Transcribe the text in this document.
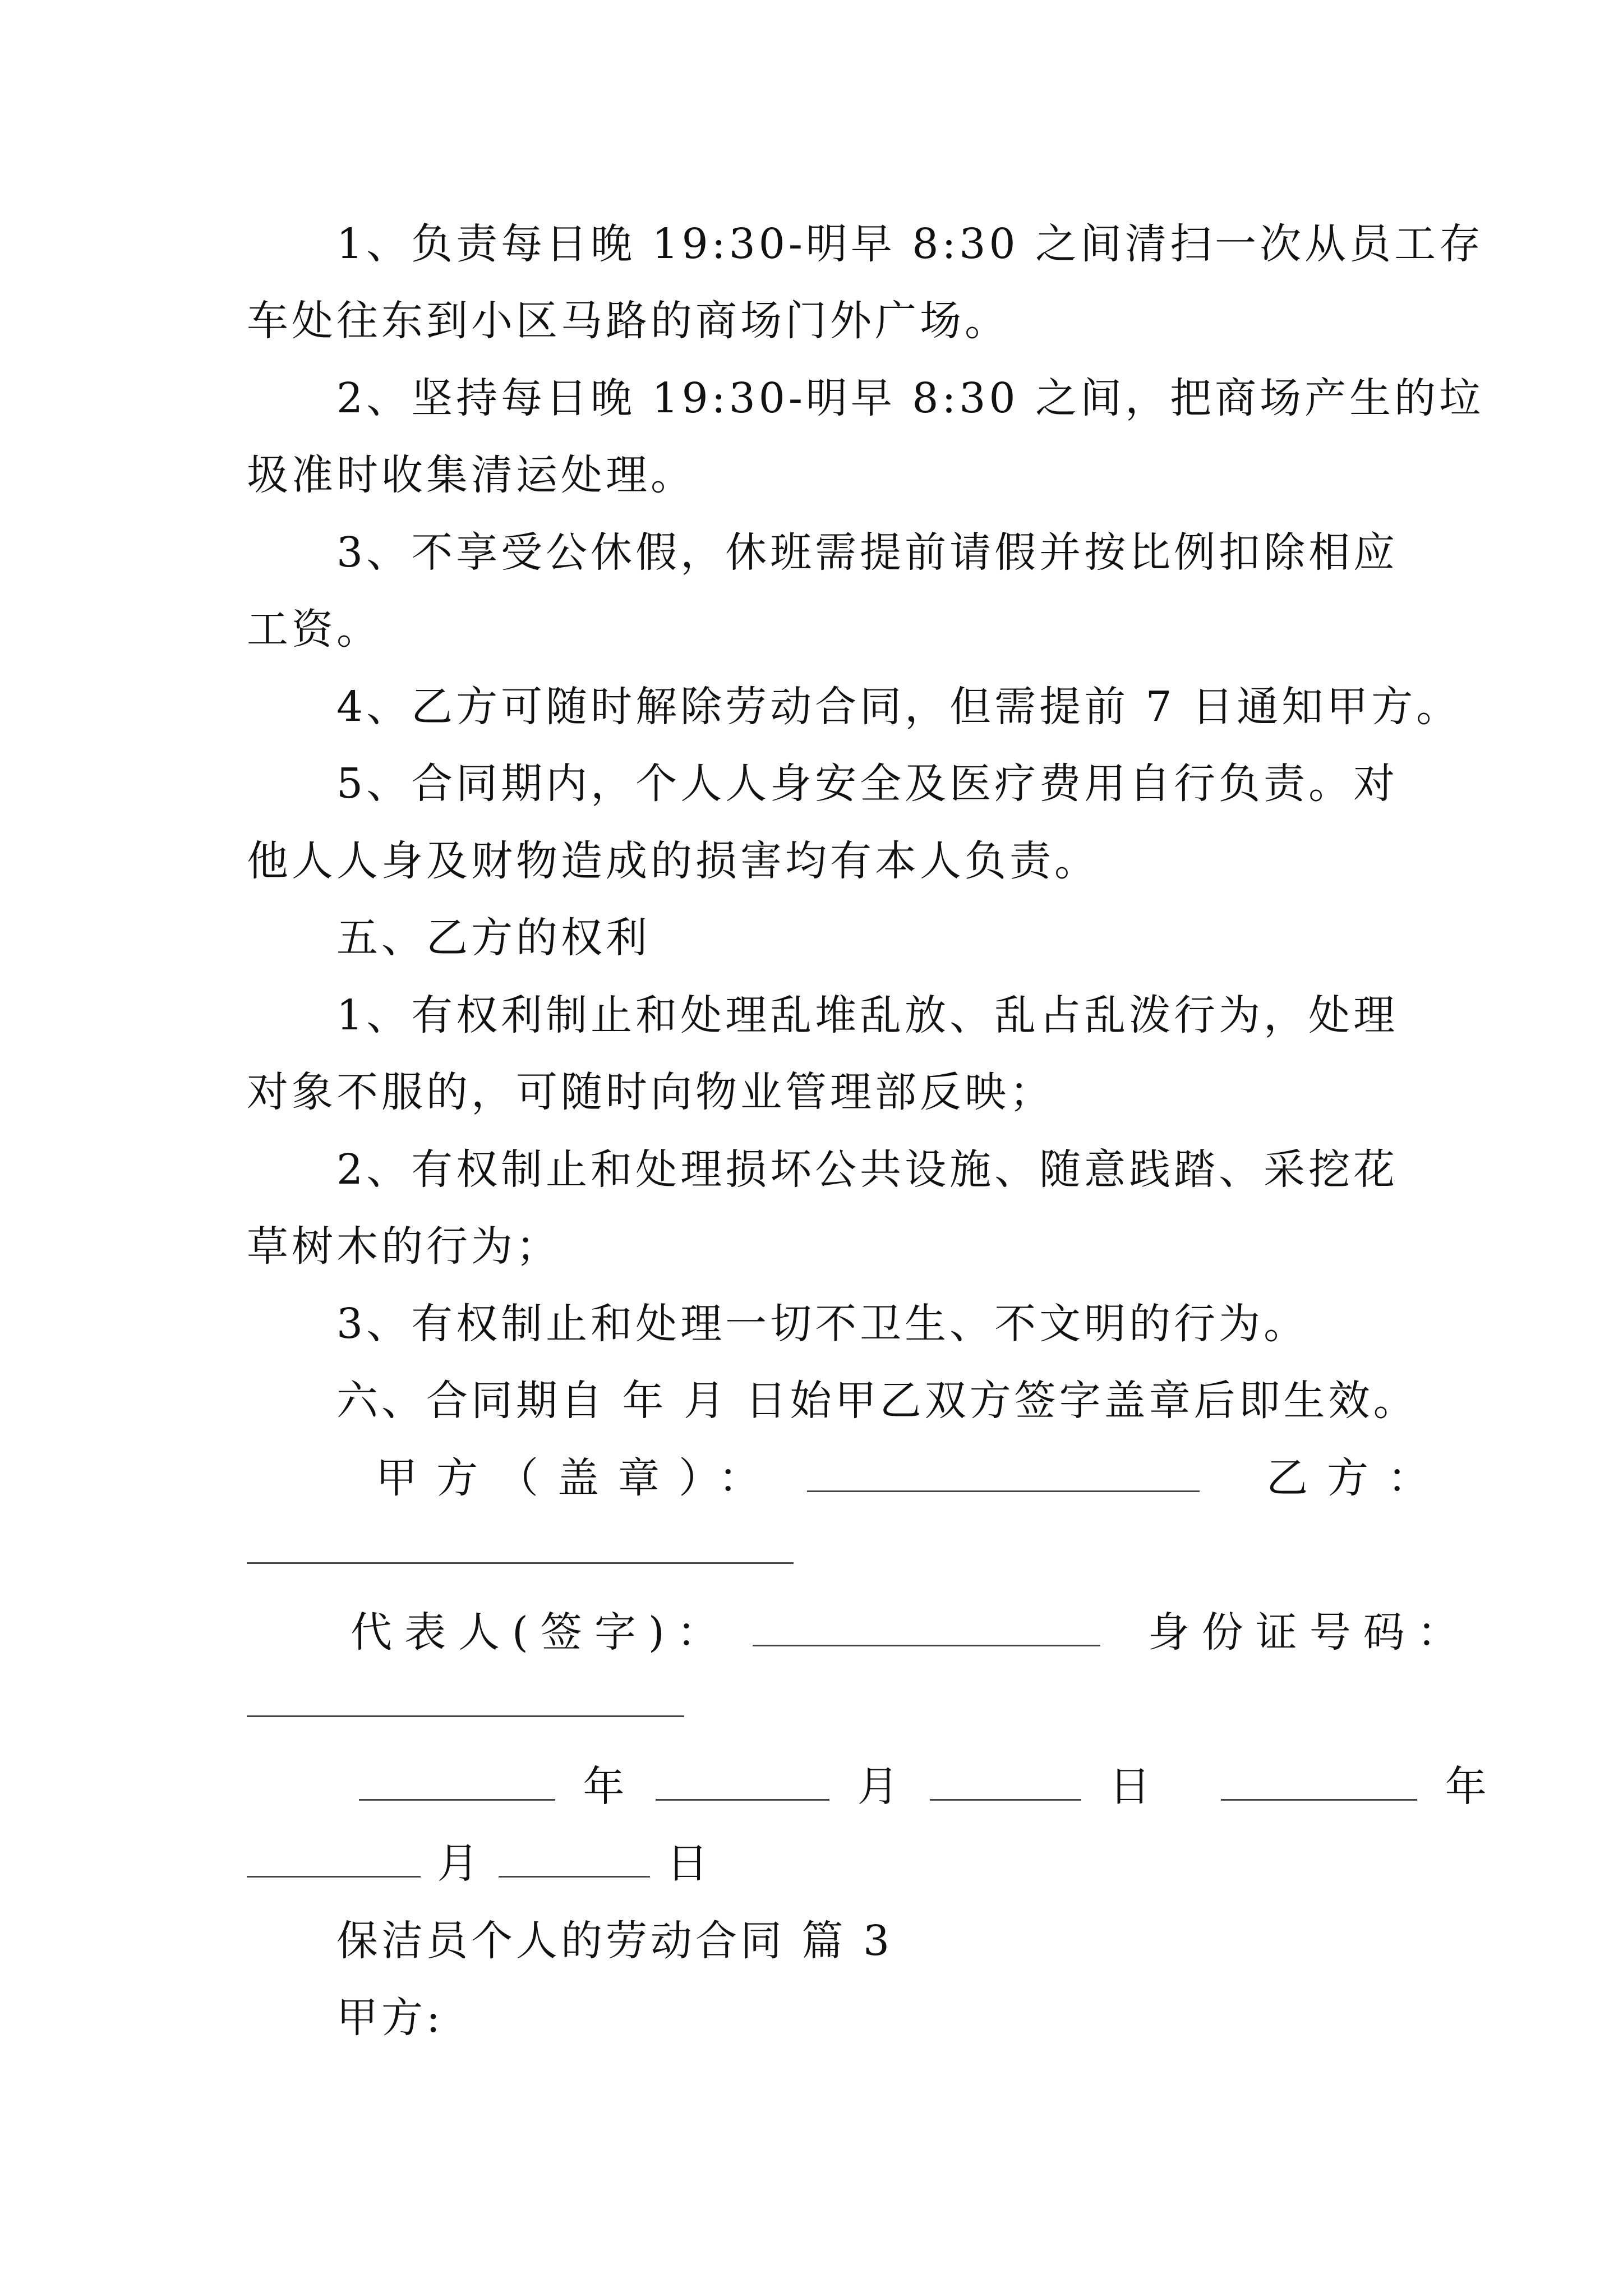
1、负责每日晚 19:30-明早 8:30 之间清扫一次从员工存
车处往东到小区马路的商场门外广场。
2、坚持每日晚 19:30-明早 8:30 之间，把商场产生的垃
圾准时收集清运处理。
3、不享受公休假，休班需提前请假并按比例扣除相应
工资。
4、乙方可随时解除劳动合同，但需提前 7 日通知甲方。
5、合同期内，个人人身安全及医疗费用自行负责。对
他人人身及财物造成的损害均有本人负责。
五、乙方的权利
1、有权利制止和处理乱堆乱放、乱占乱泼行为，处理
对象不服的，可随时向物业管理部反映；
2、有权制止和处理损坏公共设施、随意践踏、采挖花
草树木的行为；
3、有权制止和处理一切不卫生、不文明的行为。
六、合同期自 年 月 日始甲乙双方签字盖章后即生效。
甲方（盖章）：	乙方：
代表人(签字)：	身份证号码：
年	月	日	年
月	日
保洁员个人的劳动合同 篇 3
甲方:
